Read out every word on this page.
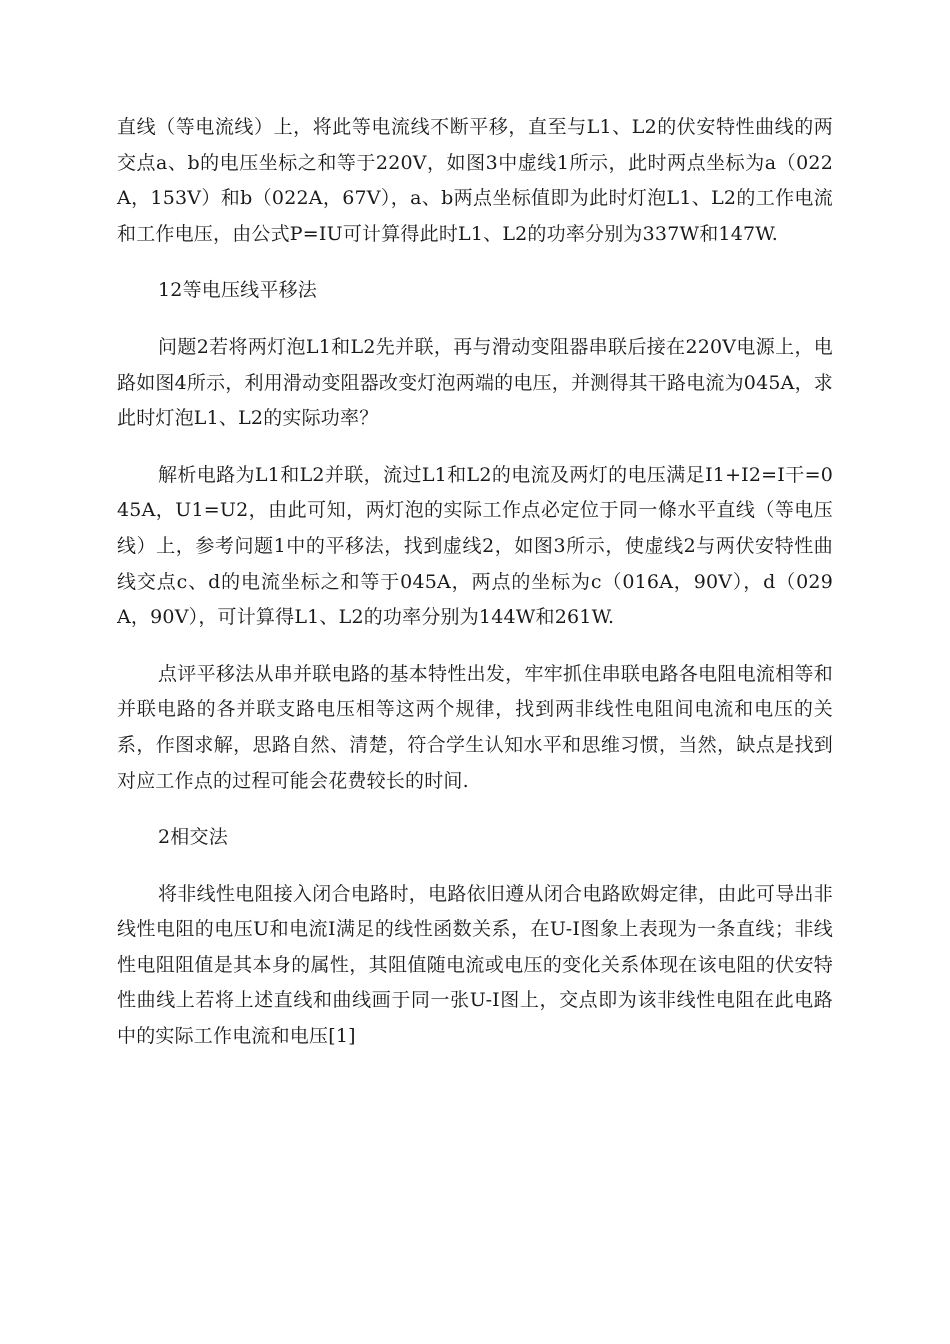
直线（等电流线）上，将此等电流线不断平移，直至与L1、L2的伏安特性曲线的两交点a、b的电压坐标之和等于220V，如图3中虚线1所示，此时两点坐标为a（022A，153V）和b（022A，67V），a、b两点坐标值即为此时灯泡L1、L2的工作电流和工作电压，由公式P=IU可计算得此时L1、L2的功率分别为337W和147W.

12等电压线平移法

问题2若将两灯泡L1和L2先并联，再与滑动变阻器串联后接在220V电源上，电路如图4所示，利用滑动变阻器改变灯泡两端的电压，并测得其干路电流为045A，求此时灯泡L1、L2的实际功率？

解析电路为L1和L2并联，流过L1和L2的电流及两灯的电压满足I1+I2=I干=045A，U1=U2，由此可知，两灯泡的实际工作点必定位于同一條水平直线（等电压线）上，参考问题1中的平移法，找到虚线2，如图3所示，使虚线2与两伏安特性曲线交点c、d的电流坐标之和等于045A，两点的坐标为c（016A，90V），d（029A，90V），可计算得L1、L2的功率分别为144W和261W.

点评平移法从串并联电路的基本特性出发，牢牢抓住串联电路各电阻电流相等和并联电路的各并联支路电压相等这两个规律，找到两非线性电阻间电流和电压的关系，作图求解，思路自然、清楚，符合学生认知水平和思维习惯，当然，缺点是找到对应工作点的过程可能会花费较长的时间.

2相交法

将非线性电阻接入闭合电路时，电路依旧遵从闭合电路欧姆定律，由此可导出非线性电阻的电压U和电流I满足的线性函数关系，在U-I图象上表现为一条直线；非线性电阻阻值是其本身的属性，其阻值随电流或电压的变化关系体现在该电阻的伏安特性曲线上若将上述直线和曲线画于同一张U-I图上，交点即为该非线性电阻在此电路中的实际工作电流和电压[1]
